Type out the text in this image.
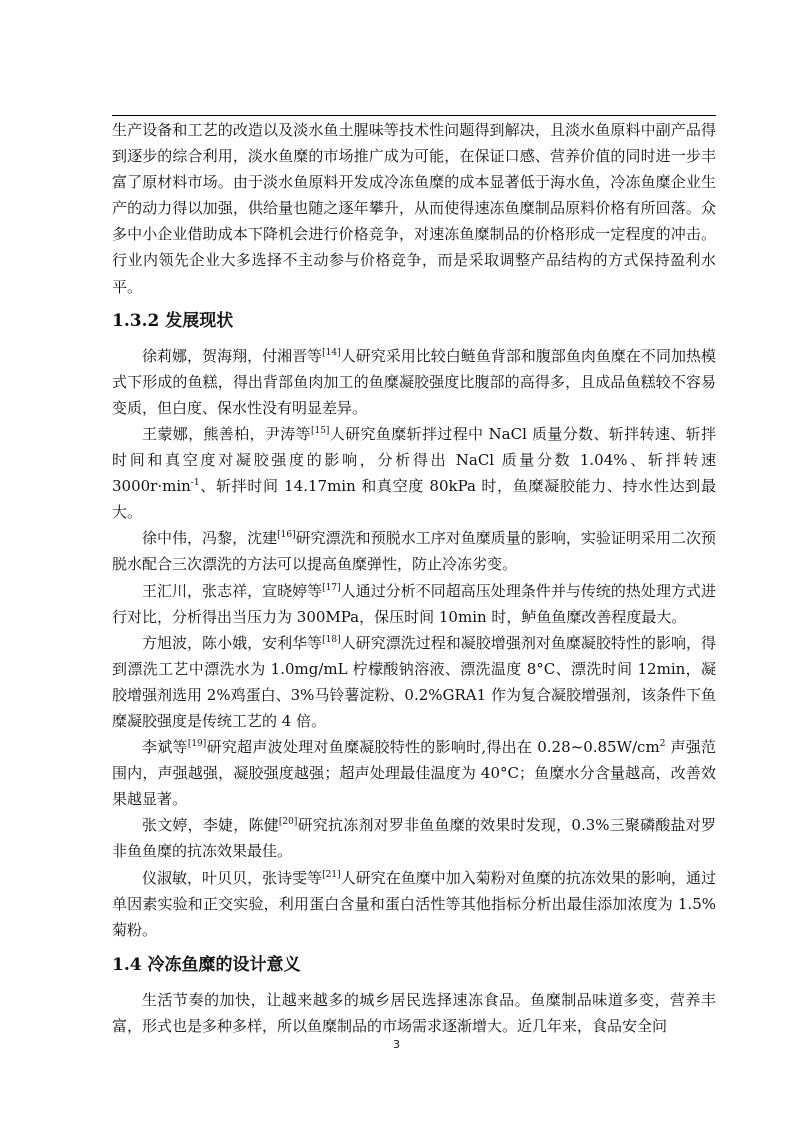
生产设备和工艺的改造以及淡水鱼土腥味等技术性问题得到解决，且淡水鱼原料中副产品得到逐步的综合利用，淡水鱼糜的市场推广成为可能，在保证口感、营养价值的同时进一步丰富了原材料市场。由于淡水鱼原料开发成冷冻鱼糜的成本显著低于海水鱼，冷冻鱼糜企业生产的动力得以加强，供给量也随之逐年攀升，从而使得速冻鱼糜制品原料价格有所回落。众多中小企业借助成本下降机会进行价格竞争，对速冻鱼糜制品的价格形成一定程度的冲击。行业内领先企业大多选择不主动参与价格竞争，而是采取调整产品结构的方式保持盈利水平。

1.3.2 发展现状

徐莉娜，贺海翔，付湘晋等[14]人研究采用比较白鲢鱼背部和腹部鱼肉鱼糜在不同加热模式下形成的鱼糕，得出背部鱼肉加工的鱼糜凝胶强度比腹部的高得多，且成品鱼糕较不容易变质，但白度、保水性没有明显差异。

王蒙娜，熊善柏，尹涛等[15]人研究鱼糜斩拌过程中 NaCl 质量分数、斩拌转速、斩拌时间和真空度对凝胶强度的影响，分析得出 NaCl 质量分数 1.04%、斩拌转速 $3000r\cdot\min^{-1}$、斩拌时间 14.17min 和真空度 80kPa 时，鱼糜凝胶能力、持水性达到最大。

徐中伟，冯黎，沈建[16]研究漂洗和预脱水工序对鱼糜质量的影响，实验证明采用二次预脱水配合三次漂洗的方法可以提高鱼糜弹性，防止冷冻劣变。

王汇川，张志祥，宣晓婷等[17]人通过分析不同超高压处理条件并与传统的热处理方式进行对比，分析得出当压力为 300MPa，保压时间 10min 时，鲈鱼鱼糜改善程度最大。

方旭波，陈小娥，安利华等[18]人研究漂洗过程和凝胶增强剂对鱼糜凝胶特性的影响，得到漂洗工艺中漂洗水为 1.0mg/mL 柠檬酸钠溶液、漂洗温度 8°C、漂洗时间 12min，凝胶增强剂选用 2%鸡蛋白、3%马铃薯淀粉、0.2%GRA1 作为复合凝胶增强剂，该条件下鱼糜凝胶强度是传统工艺的 4 倍。

李斌等[19]研究超声波处理对鱼糜凝胶特性的影响时,得出在 $0.28\sim 0.85W/cm^2$ 声强范围内，声强越强，凝胶强度越强；超声处理最佳温度为 40°C；鱼糜水分含量越高，改善效果越显著。

张文婷，李婕，陈健[20]研究抗冻剂对罗非鱼鱼糜的效果时发现，0.3%三聚磷酸盐对罗非鱼鱼糜的抗冻效果最佳。

仪淑敏，叶贝贝，张诗雯等[21]人研究在鱼糜中加入菊粉对鱼糜的抗冻效果的影响，通过单因素实验和正交实验，利用蛋白含量和蛋白活性等其他指标分析出最佳添加浓度为 1.5%菊粉。

1.4 冷冻鱼糜的设计意义

生活节奏的加快，让越来越多的城乡居民选择速冻食品。鱼糜制品味道多变，营养丰富，形式也是多种多样，所以鱼糜制品的市场需求逐渐增大。近几年来，食品安全问

3
